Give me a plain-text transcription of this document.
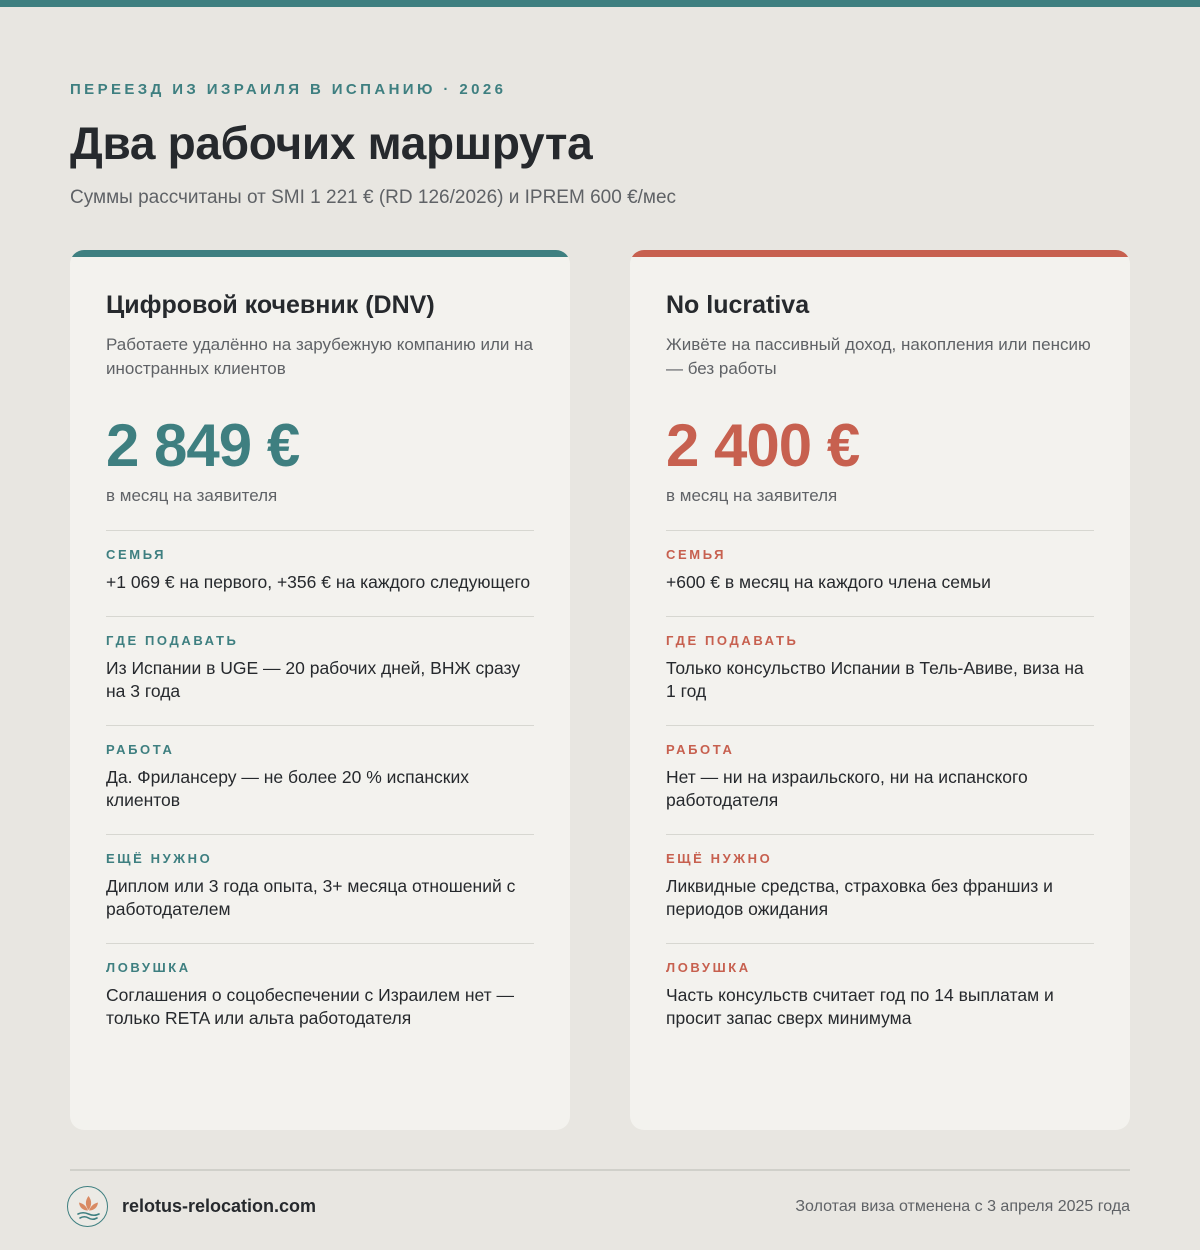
ПЕРЕЕЗД ИЗ ИЗРАИЛЯ В ИСПАНИЮ · 2026
Два рабочих маршрута
Суммы рассчитаны от SMI 1 221 € (RD 126/2026) и IPREM 600 €/мес
Цифровой кочевник (DNV)
Работаете удалённо на зарубежную компанию или на иностранных клиентов
2 849 €
в месяц на заявителя
СЕМЬЯ
+1 069 € на первого, +356 € на каждого следующего
ГДЕ ПОДАВАТЬ
Из Испании в UGE — 20 рабочих дней, ВНЖ сразу на 3 года
РАБОТА
Да. Фрилансеру — не более 20 % испанских клиентов
ЕЩЁ НУЖНО
Диплом или 3 года опыта, 3+ месяца отношений с работодателем
ЛОВУШКА
Соглашения о соцобеспечении с Израилем нет — только RETA или альта работодателя
No lucrativa
Живёте на пассивный доход, накопления или пенсию — без работы
2 400 €
в месяц на заявителя
СЕМЬЯ
+600 € в месяц на каждого члена семьи
ГДЕ ПОДАВАТЬ
Только консульство Испании в Тель-Авиве, виза на 1 год
РАБОТА
Нет — ни на израильского, ни на испанского работодателя
ЕЩЁ НУЖНО
Ликвидные средства, страховка без франшиз и периодов ожидания
ЛОВУШКА
Часть консульств считает год по 14 выплатам и просит запас сверх минимума
relotus-relocation.com	Золотая виза отменена с 3 апреля 2025 года
